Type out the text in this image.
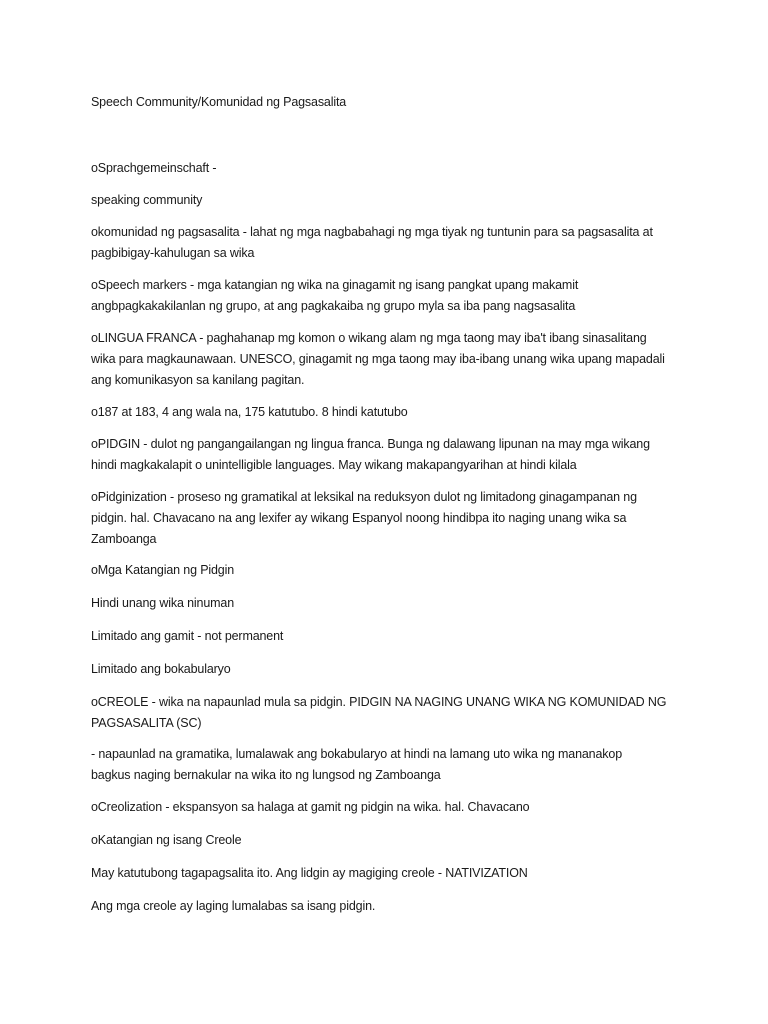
Speech Community/Komunidad ng Pagsasalita

oSprachgemeinschaft -

speaking community

okomunidad ng pagsasalita - lahat ng mga nagbabahagi ng mga tiyak ng tuntunin para sa pagsasalita at
pagbibigay-kahulugan sa wika

oSpeech markers - mga katangian ng wika na ginagamit ng isang pangkat upang makamit
angbpagkakakilanlan ng grupo, at ang pagkakaiba ng grupo myla sa iba pang nagsasalita

oLINGUA FRANCA - paghahanap mg komon o wikang alam ng mga taong may iba't ibang sinasalitang
wika para magkaunawaan. UNESCO, ginagamit ng mga taong may iba-ibang unang wika upang mapadali
ang komunikasyon sa kanilang pagitan.

o187 at 183, 4 ang wala na, 175 katutubo. 8 hindi katutubo

oPIDGIN - dulot ng pangangailangan ng lingua franca. Bunga ng dalawang lipunan na may mga wikang
hindi magkakalapit o unintelligible languages. May wikang makapangyarihan at hindi kilala

oPidginization - proseso ng gramatikal at leksikal na reduksyon dulot ng limitadong ginagampanan ng
pidgin. hal. Chavacano na ang lexifer ay wikang Espanyol noong hindibpa ito naging unang wika sa
Zamboanga

oMga Katangian ng Pidgin

Hindi unang wika ninuman

Limitado ang gamit - not permanent

Limitado ang bokabularyo

oCREOLE - wika na napaunlad mula sa pidgin. PIDGIN NA NAGING UNANG WIKA NG KOMUNIDAD NG
PAGSASALITA (SC)

- napaunlad na gramatika, lumalawak ang bokabularyo at hindi na lamang uto wika ng mananakop
bagkus naging bernakular na wika ito ng lungsod ng Zamboanga

oCreolization - ekspansyon sa halaga at gamit ng pidgin na wika. hal. Chavacano

oKatangian ng isang Creole

May katutubong tagapagsalita ito. Ang lidgin ay magiging creole - NATIVIZATION

Ang mga creole ay laging lumalabas sa isang pidgin.
